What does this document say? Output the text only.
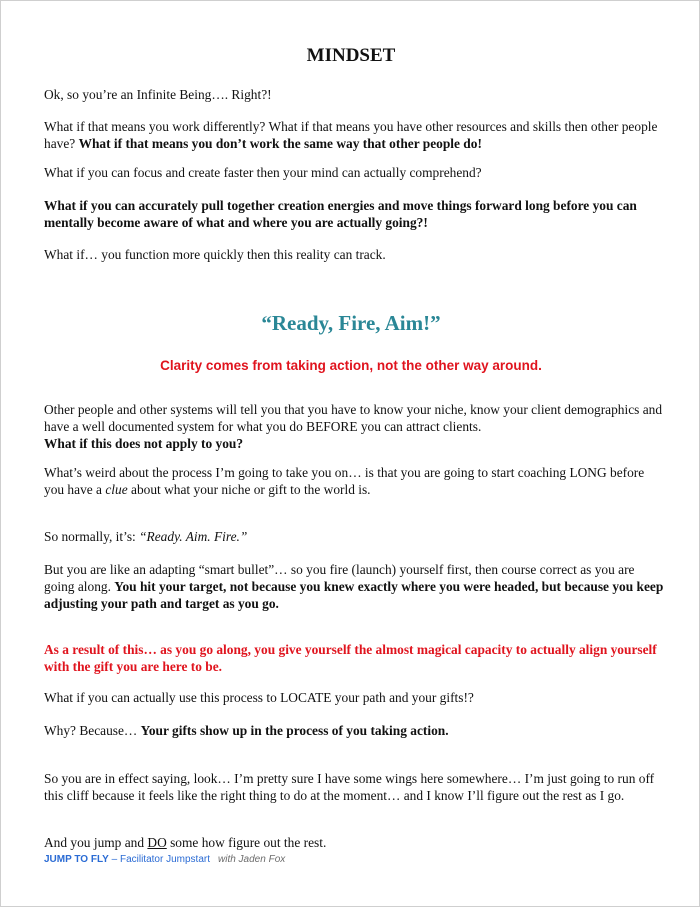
MINDSET

Ok, so you’re an Infinite Being…. Right?!

What if that means you work differently? What if that means you have other resources and skills then other people have? What if that means you don’t work the same way that other people do!

What if you can focus and create faster then your mind can actually comprehend?

What if you can accurately pull together creation energies and move things forward long before you can mentally become aware of what and where you are actually going?!

What if… you function more quickly then this reality can track.

“Ready, Fire, Aim!”
Clarity comes from taking action, not the other way around.

Other people and other systems will tell you that you have to know your niche, know your client demographics and have a well documented system for what you do BEFORE you can attract clients.
What if this does not apply to you?

What’s weird about the process I’m going to take you on… is that you are going to start coaching LONG before you have a clue about what your niche or gift to the world is.

So normally, it’s: “Ready. Aim. Fire.”

But you are like an adapting “smart bullet”… so you fire (launch) yourself first, then course correct as you are going along. You hit your target, not because you knew exactly where you were headed, but because you keep adjusting your path and target as you go.

As a result of this… as you go along, you give yourself the almost magical capacity to actually align yourself with the gift you are here to be.

What if you can actually use this process to LOCATE your path and your gifts!?

Why? Because… Your gifts show up in the process of you taking action.

So you are in effect saying, look… I’m pretty sure I have some wings here somewhere… I’m just going to run off this cliff because it feels like the right thing to do at the moment… and I know I’ll figure out the rest as I go.

And you jump and DO some how figure out the rest.

JUMP TO FLY – Facilitator Jumpstart with Jaden Fox
